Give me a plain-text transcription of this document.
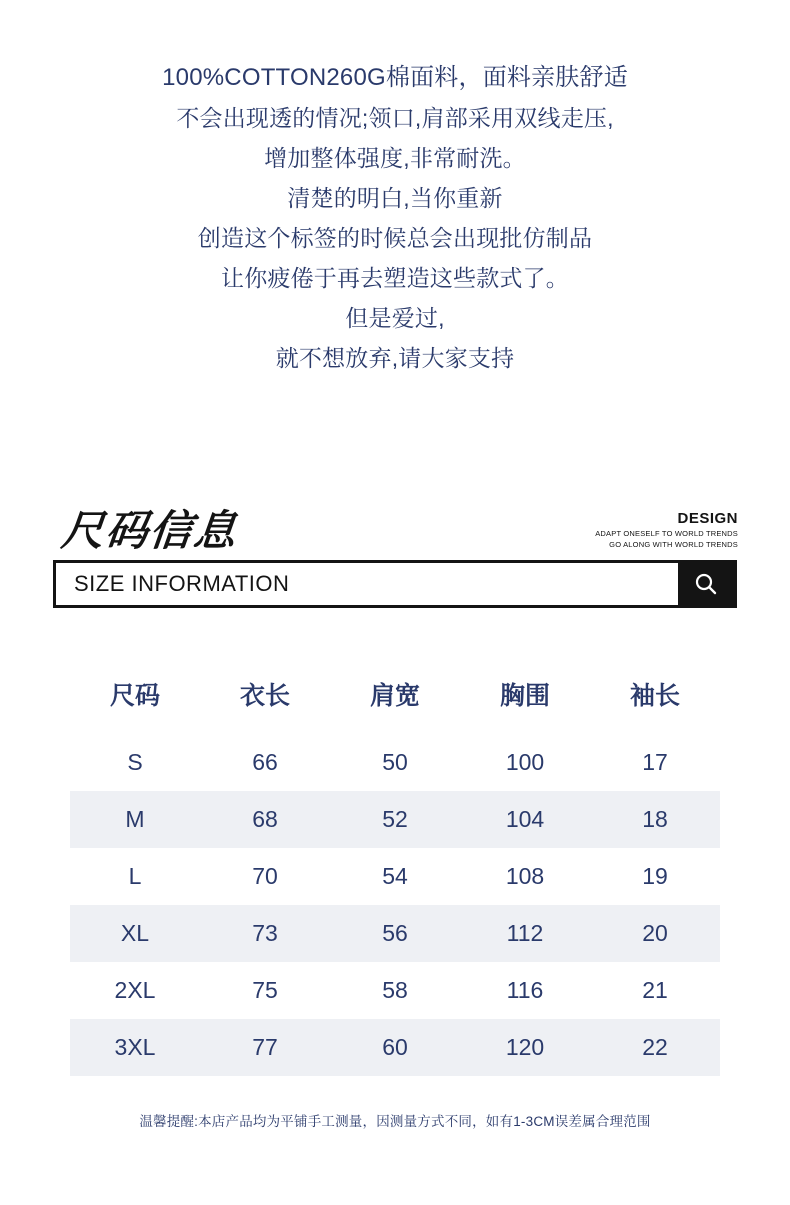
100%COTTON260G棉面料，面料亲肤舒适
不会出现透的情况;领口,肩部采用双线走压,
增加整体强度,非常耐洗。
清楚的明白,当你重新
创造这个标签的时候总会出现批仿制品
让你疲倦于再去塑造这些款式了。
但是爱过,
就不想放弃,请大家支持
尺码信息	DESIGN
ADAPT ONESELF TO WORLD TRENDS
GO ALONG WITH WORLD TRENDS
SIZE INFORMATION
尺码	衣长	肩宽	胸围	袖长
S	66	50	100	17
M	68	52	104	18
L	70	54	108	19
XL	73	56	112	20
2XL	75	58	116	21
3XL	77	60	120	22
温馨提醒:本店产品均为平铺手工测量，因测量方式不同，如有1-3CM误差属合理范围
